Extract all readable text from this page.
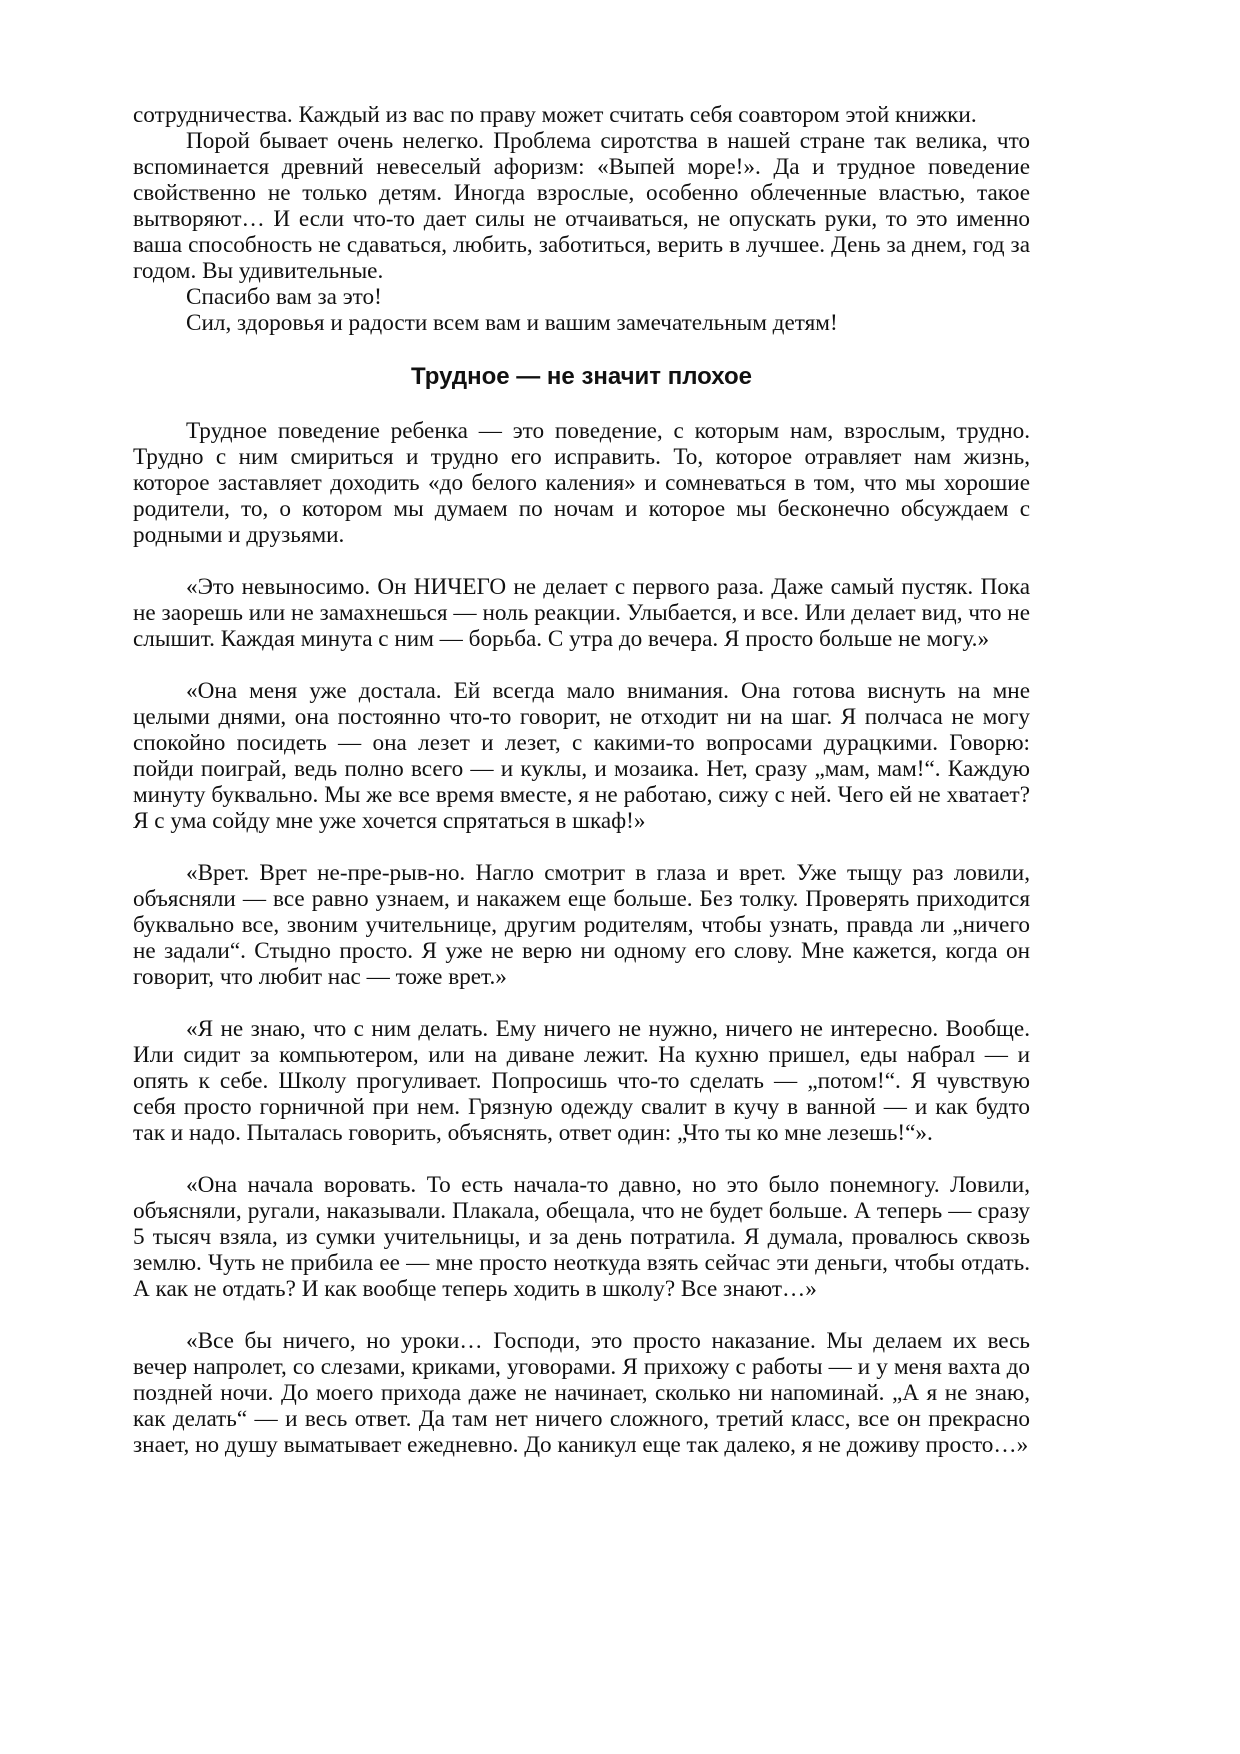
сотрудничества. Каждый из вас по праву может считать себя соавтором этой книжки.

Порой бывает очень нелегко. Проблема сиротства в нашей стране так велика, что вспоминается древний невеселый афоризм: «Выпей море!». Да и трудное поведение свойственно не только детям. Иногда взрослые, особенно облеченные властью, такое вытворяют… И если что-то дает силы не отчаиваться, не опускать руки, то это именно ваша способность не сдаваться, любить, заботиться, верить в лучшее. День за днем, год за годом. Вы удивительные.

Спасибо вам за это!

Сил, здоровья и радости всем вам и вашим замечательным детям!

Трудное — не значит плохое

Трудное поведение ребенка — это поведение, с которым нам, взрослым, трудно. Трудно с ним смириться и трудно его исправить. То, которое отравляет нам жизнь, которое заставляет доходить «до белого каления» и сомневаться в том, что мы хорошие родители, то, о котором мы думаем по ночам и которое мы бесконечно обсуждаем с родными и друзьями.

«Это невыносимо. Он НИЧЕГО не делает с первого раза. Даже самый пустяк. Пока не заорешь или не замахнешься — ноль реакции. Улыбается, и все. Или делает вид, что не слышит. Каждая минута с ним — борьба. С утра до вечера. Я просто больше не могу.»

«Она меня уже достала. Ей всегда мало внимания. Она готова виснуть на мне целыми днями, она постоянно что-то говорит, не отходит ни на шаг. Я полчаса не могу спокойно посидеть — она лезет и лезет, с какими-то вопросами дурацкими. Говорю: пойди поиграй, ведь полно всего — и куклы, и мозаика. Нет, сразу „мам, мам!“. Каждую минуту буквально. Мы же все время вместе, я не работаю, сижу с ней. Чего ей не хватает? Я с ума сойду мне уже хочется спрятаться в шкаф!»

«Врет. Врет не-пре-рыв-но. Нагло смотрит в глаза и врет. Уже тыщу раз ловили, объясняли — все равно узнаем, и накажем еще больше. Без толку. Проверять приходится буквально все, звоним учительнице, другим родителям, чтобы узнать, правда ли „ничего не задали“. Стыдно просто. Я уже не верю ни одному его слову. Мне кажется, когда он говорит, что любит нас — тоже врет.»

«Я не знаю, что с ним делать. Ему ничего не нужно, ничего не интересно. Вообще. Или сидит за компьютером, или на диване лежит. На кухню пришел, еды набрал — и опять к себе. Школу прогуливает. Попросишь что-то сделать — „потом!“. Я чувствую себя просто горничной при нем. Грязную одежду свалит в кучу в ванной — и как будто так и надо. Пыталась говорить, объяснять, ответ один: „Что ты ко мне лезешь!“».

«Она начала воровать. То есть начала-то давно, но это было понемногу. Ловили, объясняли, ругали, наказывали. Плакала, обещала, что не будет больше. А теперь — сразу 5 тысяч взяла, из сумки учительницы, и за день потратила. Я думала, провалюсь сквозь землю. Чуть не прибила ее — мне просто неоткуда взять сейчас эти деньги, чтобы отдать. А как не отдать? И как вообще теперь ходить в школу? Все знают…»

«Все бы ничего, но уроки… Господи, это просто наказание. Мы делаем их весь вечер напролет, со слезами, криками, уговорами. Я прихожу с работы — и у меня вахта до поздней ночи. До моего прихода даже не начинает, сколько ни напоминай. „А я не знаю, как делать“ — и весь ответ. Да там нет ничего сложного, третий класс, все он прекрасно знает, но душу выматывает ежедневно. До каникул еще так далеко, я не доживу просто…»
